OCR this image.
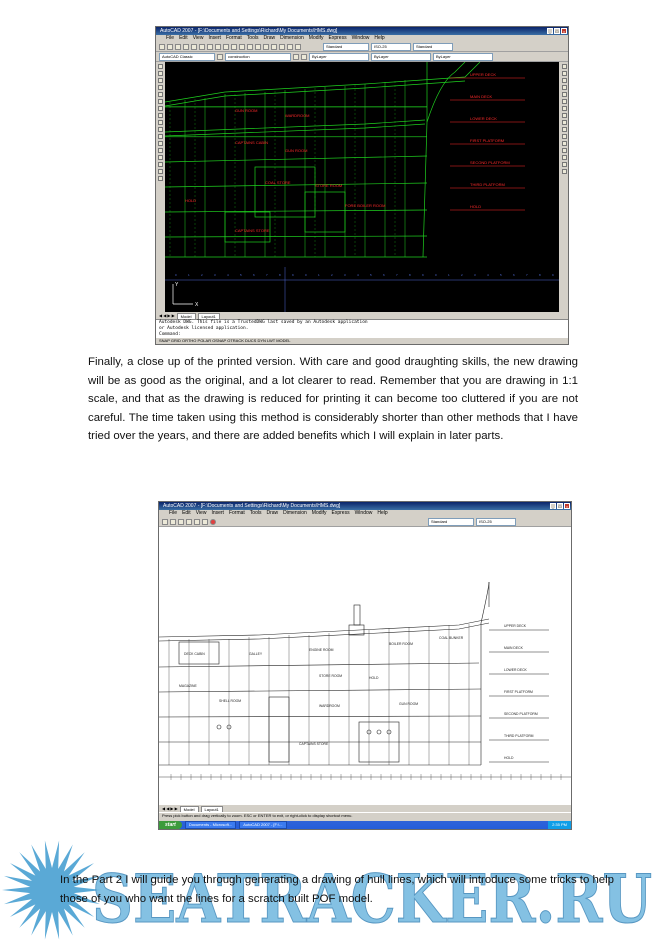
AutoCAD 2007 - [F:\Documents and Settings\Richard\My Documents\HMS.dwg]	_	□	×
File Edit View Insert Format Tools Draw Dimension Modify Express Window Help
Standard	ISO-25	Standard
AutoCAD Classic	construction	ByLayer	ByLayer	ByLayer
GUN ROOM
WARDROOM
CAPTAINS CABIN
GUN ROOM
COAL STORE
STORE ROOM
HOLD
FORE BOILER ROOM
CAPTAINS STORE
UPPER DECK
MAIN DECK
LOWER DECK
FIRST PLATFORM
SECOND PLATFORM
THIRD PLATFORM
HOLD
0	1	2	3	4	5	6	7	8	9	0	1	2	3	4	5	6	7	8	9	0	1	2	3	4	5	6	7	8	9
Y
X
◀ ◀ ▶ ▶	Model	Layout1
Autodesk DWG. This file is a TrustedDWG last saved by an Autodesk application
or Autodesk licensed application.
Command:
SNAP GRID ORTHO POLAR OSNAP OTRACK DUCS DYN LWT MODEL
Finally, a close up of the printed version. With care and good draughting skills, the new drawing will be as good as the original, and a lot clearer to read. Remember that you are drawing in 1:1 scale, and that as the drawing is reduced for printing it can become too cluttered if you are not careful. The time taken using this method is considerably shorter than other methods that I have tried over the years, and there are added benefits which I will explain in later parts.
AutoCAD 2007 - [F:\Documents and Settings\Richard\My Documents\HMS.dwg]	_	□	×
File Edit View Insert Format Tools Draw Dimension Modify Express Window Help
Standard	ISO-25
DECK CABIN	GALLEY
ENGINE ROOM
BOILER ROOM
COAL BUNKER
STORE ROOM	HOLD
MAGAZINE
SHELL ROOM
WARDROOM	GUN ROOM
CAPTAINS STORE
UPPER DECK
MAIN DECK
LOWER DECK
FIRST PLATFORM
SECOND PLATFORM
THIRD PLATFORM
HOLD
◀ ◀ ▶ ▶	Model	Layout1
Press pick button and drag vertically to zoom. ESC or ENTER to exit, or right-click to display shortcut menu.
start	Documents - Microsoft...	AutoCAD 2007 - [F:\...	2:35 PM
SEATRACKER.RU
In the Part 2 I will guide you through generating a drawing of hull lines, which will introduce some tricks to help those of you who want the lines for a scratch built POF model.
